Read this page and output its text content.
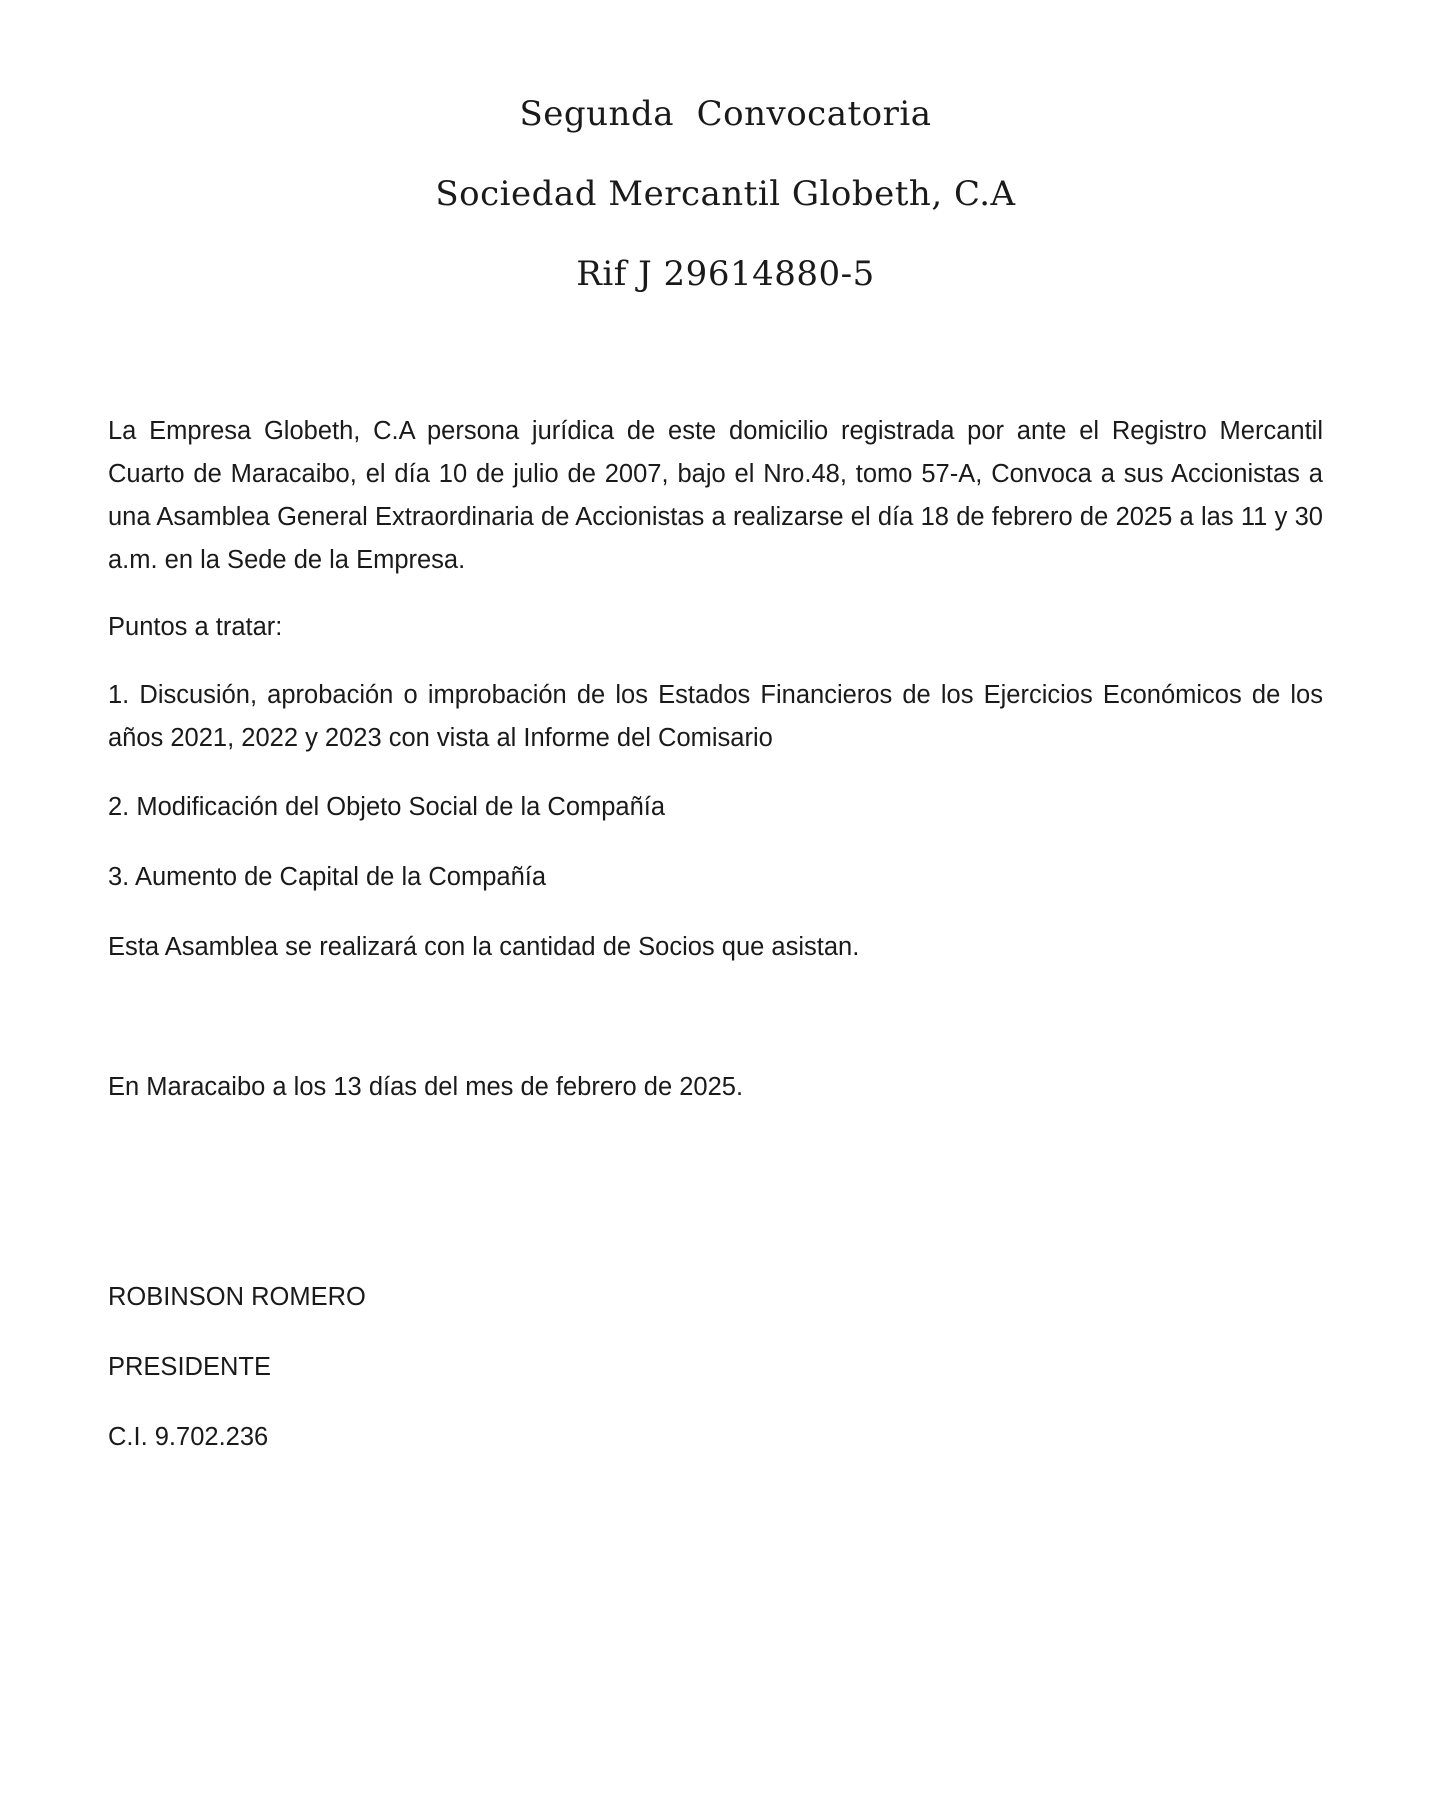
Segunda  Convocatoria
Sociedad Mercantil Globeth, C.A
Rif J 29614880-5
La Empresa Globeth, C.A persona jurídica de este domicilio registrada por ante el Registro Mercantil Cuarto de Maracaibo, el día 10 de julio de 2007, bajo el Nro.48, tomo 57-A, Convoca a sus Accionistas a una Asamblea General Extraordinaria de Accionistas a realizarse el día 18 de febrero de 2025 a las 11 y 30 a.m. en la Sede de la Empresa.
Puntos a tratar:
1. Discusión, aprobación o improbación de los Estados Financieros de los Ejercicios Económicos de los años 2021, 2022 y 2023 con vista al Informe del Comisario
2. Modificación del Objeto Social de la Compañía
3. Aumento de Capital de la Compañía
Esta Asamblea se realizará con la cantidad de Socios que asistan.
En Maracaibo a los 13 días del mes de febrero de 2025.
ROBINSON ROMERO
PRESIDENTE
C.I. 9.702.236
